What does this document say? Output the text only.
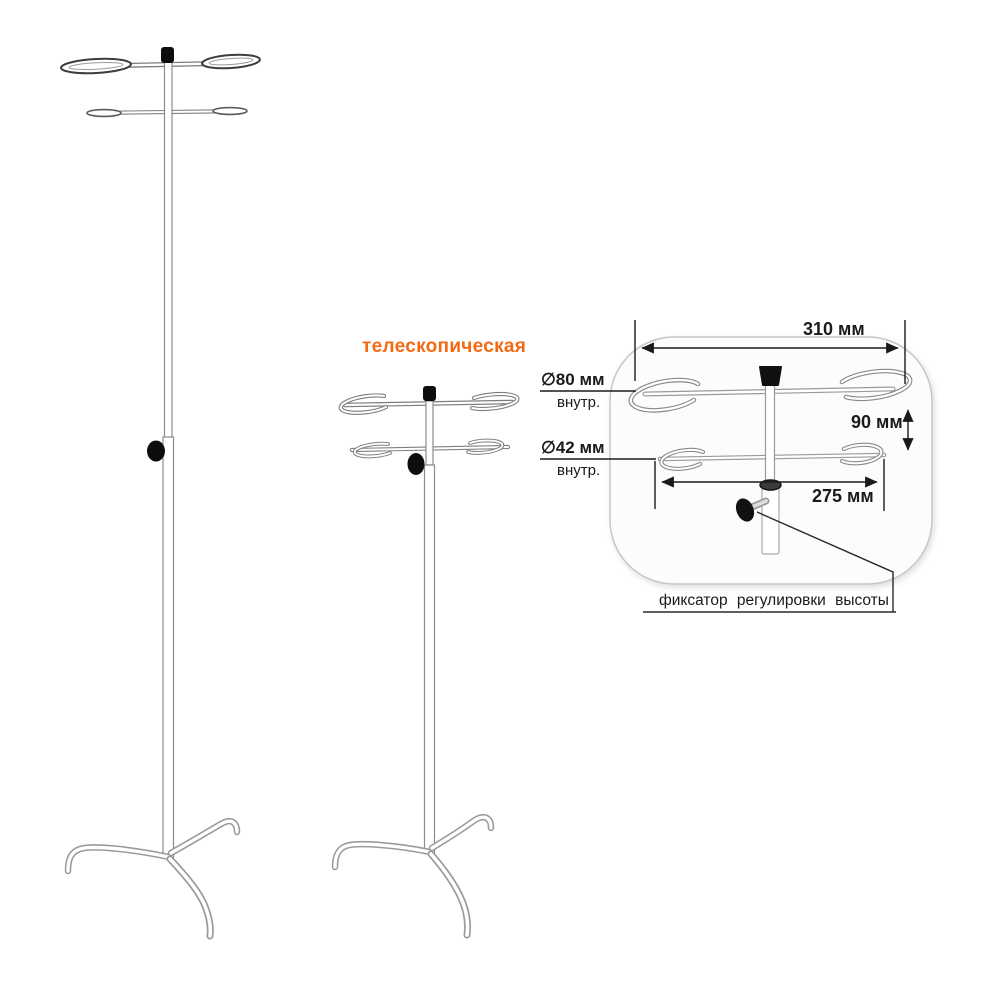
телескопическая
310 мм
90 мм
275 мм
∅80 мм
внутр.
∅42 мм
внутр.
фиксатор регулировки высоты
